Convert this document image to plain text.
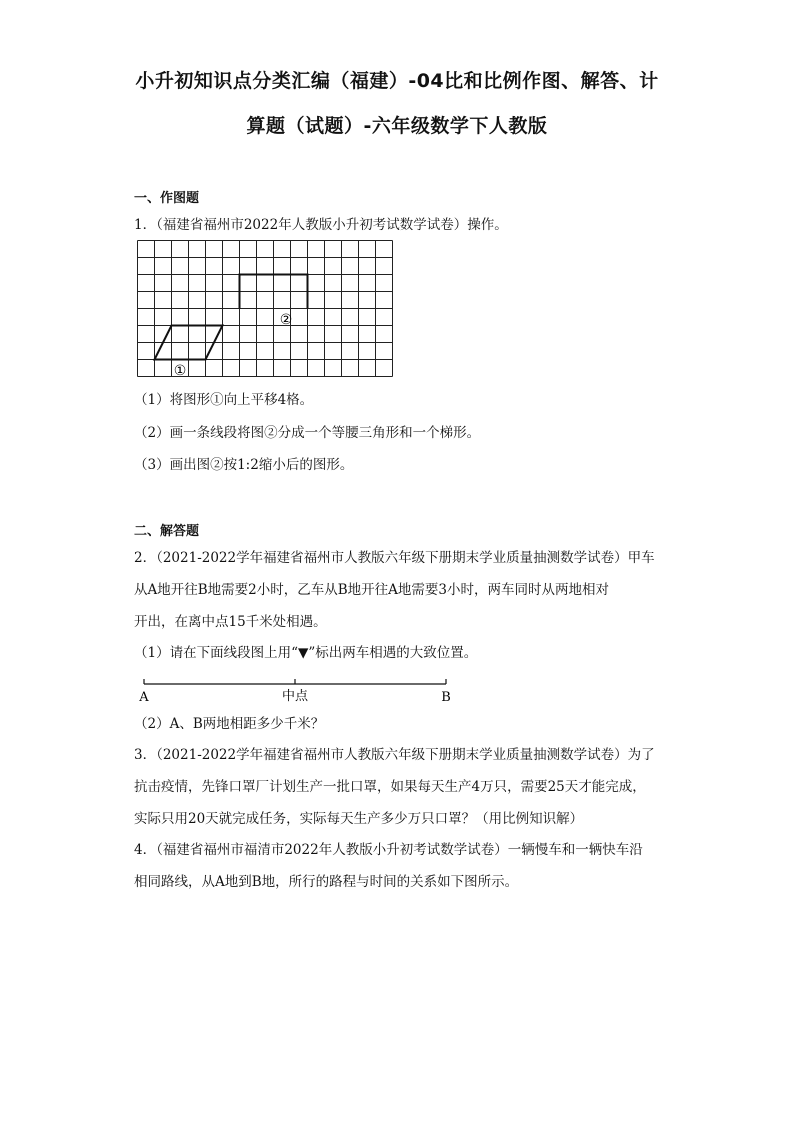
小升初知识点分类汇编（福建）-04比和比例作图、解答、计
算题（试题）-六年级数学下人教版
一、作图题
1．（福建省福州市2022年人教版小升初考试数学试卷）操作。
②
①
（1）将图形①向上平移4格。
（2）画一条线段将图②分成一个等腰三角形和一个梯形。
（3）画出图②按1:2缩小后的图形。
二、解答题
2．（2021-2022学年福建省福州市人教版六年级下册期末学业质量抽测数学试卷）甲车
从A地开往B地需要2小时，乙车从B地开往A地需要3小时，两车同时从两地相对
开出，在离中点15千米处相遇。
（1）请在下面线段图上用“▼”标出两车相遇的大致位置。
A	中点	B
（2）A、B两地相距多少千米？
3．（2021-2022学年福建省福州市人教版六年级下册期末学业质量抽测数学试卷）为了
抗击疫情，先锋口罩厂计划生产一批口罩，如果每天生产4万只，需要25天才能完成，
实际只用20天就完成任务，实际每天生产多少万只口罩？（用比例知识解）
4．（福建省福州市福清市2022年人教版小升初考试数学试卷）一辆慢车和一辆快车沿
相同路线，从A地到B地，所行的路程与时间的关系如下图所示。
